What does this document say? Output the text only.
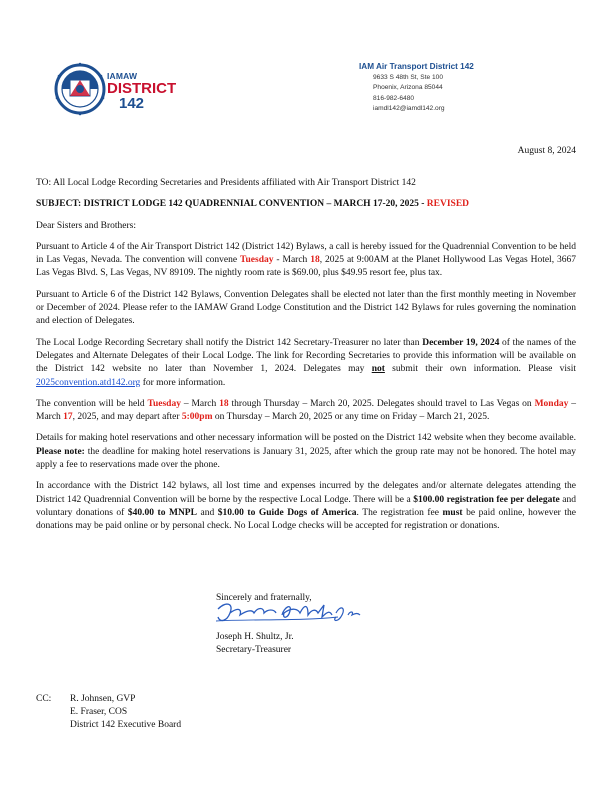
IAMAW
DISTRICT
142
IAM Air Transport District 142
9633 S 48th St, Ste 100
Phoenix, Arizona 85044
816-982-6480
iamdl142@iamdl142.org
August 8, 2024

TO: All Local Lodge Recording Secretaries and Presidents affiliated with Air Transport District 142

SUBJECT: DISTRICT LODGE 142 QUADRENNIAL CONVENTION – MARCH 17-20, 2025 - REVISED

Dear Sisters and Brothers:

Pursuant to Article 4 of the Air Transport District 142 (District 142) Bylaws, a call is hereby issued for the Quadrennial Convention to be held in Las Vegas, Nevada. The convention will convene Tuesday - March 18, 2025 at 9:00AM at the Planet Hollywood Las Vegas Hotel, 3667 Las Vegas Blvd. S, Las Vegas, NV 89109. The nightly room rate is $69.00, plus $49.95 resort fee, plus tax.

Pursuant to Article 6 of the District 142 Bylaws, Convention Delegates shall be elected not later than the first monthly meeting in November or December of 2024. Please refer to the IAMAW Grand Lodge Constitution and the District 142 Bylaws for rules governing the nomination and election of Delegates.

The Local Lodge Recording Secretary shall notify the District 142 Secretary-Treasurer no later than December 19, 2024 of the names of the Delegates and Alternate Delegates of their Local Lodge. The link for Recording Secretaries to provide this information will be available on the District 142 website no later than November 1, 2024. Delegates may not submit their own information. Please visit 2025convention.atd142.org for more information.

The convention will be held Tuesday – March 18 through Thursday – March 20, 2025. Delegates should travel to Las Vegas on Monday – March 17, 2025, and may depart after 5:00pm on Thursday – March 20, 2025 or any time on Friday – March 21, 2025.

Details for making hotel reservations and other necessary information will be posted on the District 142 website when they become available. Please note: the deadline for making hotel reservations is January 31, 2025, after which the group rate may not be honored. The hotel may apply a fee to reservations made over the phone.

In accordance with the District 142 bylaws, all lost time and expenses incurred by the delegates and/or alternate delegates attending the District 142 Quadrennial Convention will be borne by the respective Local Lodge. There will be a $100.00 registration fee per delegate and voluntary donations of $40.00 to MNPL and $10.00 to Guide Dogs of America. The registration fee must be paid online, however the donations may be paid online or by personal check. No Local Lodge checks will be accepted for registration or donations.

Sincerely and fraternally,
Joseph H. Shultz, Jr.
Secretary-Treasurer
CC: R. Johnsen, GVP
E. Fraser, COS
District 142 Executive Board
